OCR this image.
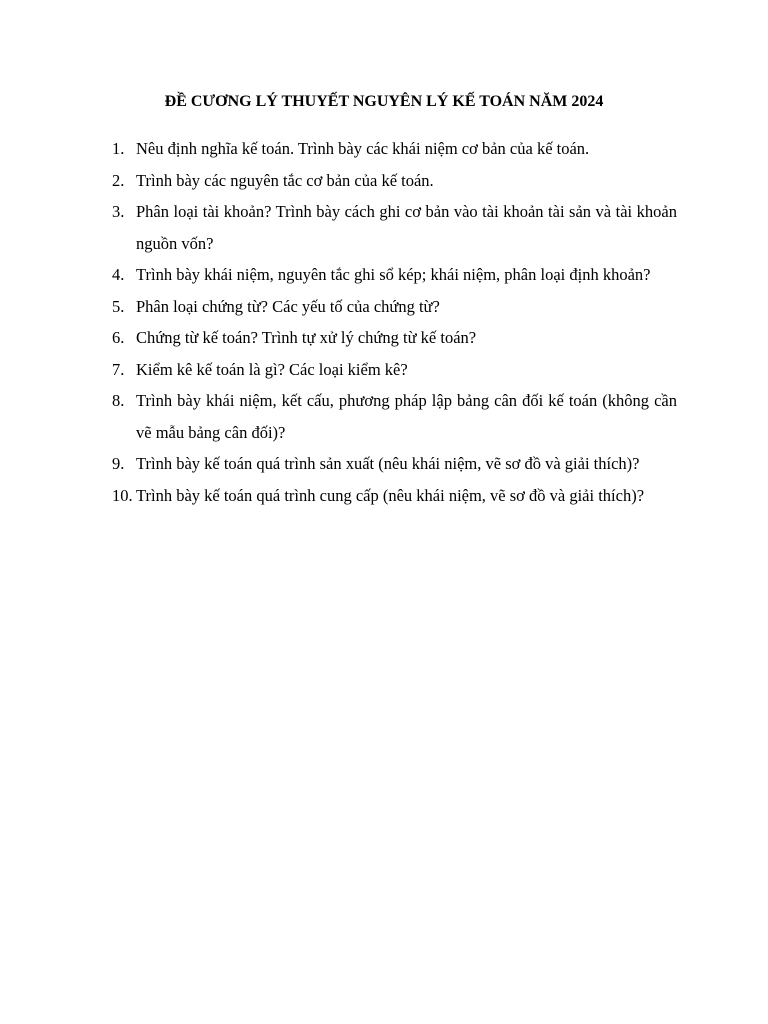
ĐỀ CƯƠNG LÝ THUYẾT NGUYÊN LÝ KẾ TOÁN NĂM 2024
1. Nêu định nghĩa kế toán. Trình bày các khái niệm cơ bản của kế toán.
2. Trình bày các nguyên tắc cơ bản của kế toán.
3. Phân loại tài khoản? Trình bày cách ghi cơ bản vào tài khoản tài sản và tài khoản nguồn vốn?
4. Trình bày khái niệm, nguyên tắc ghi sổ kép; khái niệm, phân loại định khoản?
5. Phân loại chứng từ? Các yếu tố của chứng từ?
6. Chứng từ kế toán? Trình tự xử lý chứng từ kế toán?
7. Kiểm kê kế toán là gì? Các loại kiểm kê?
8. Trình bày khái niệm, kết cấu, phương pháp lập bảng cân đối kế toán (không cần vẽ mẫu bảng cân đối)?
9. Trình bày kế toán quá trình sản xuất (nêu khái niệm, vẽ sơ đồ và giải thích)?
10. Trình bày kế toán quá trình cung cấp (nêu khái niệm, vẽ sơ đồ và giải thích)?
